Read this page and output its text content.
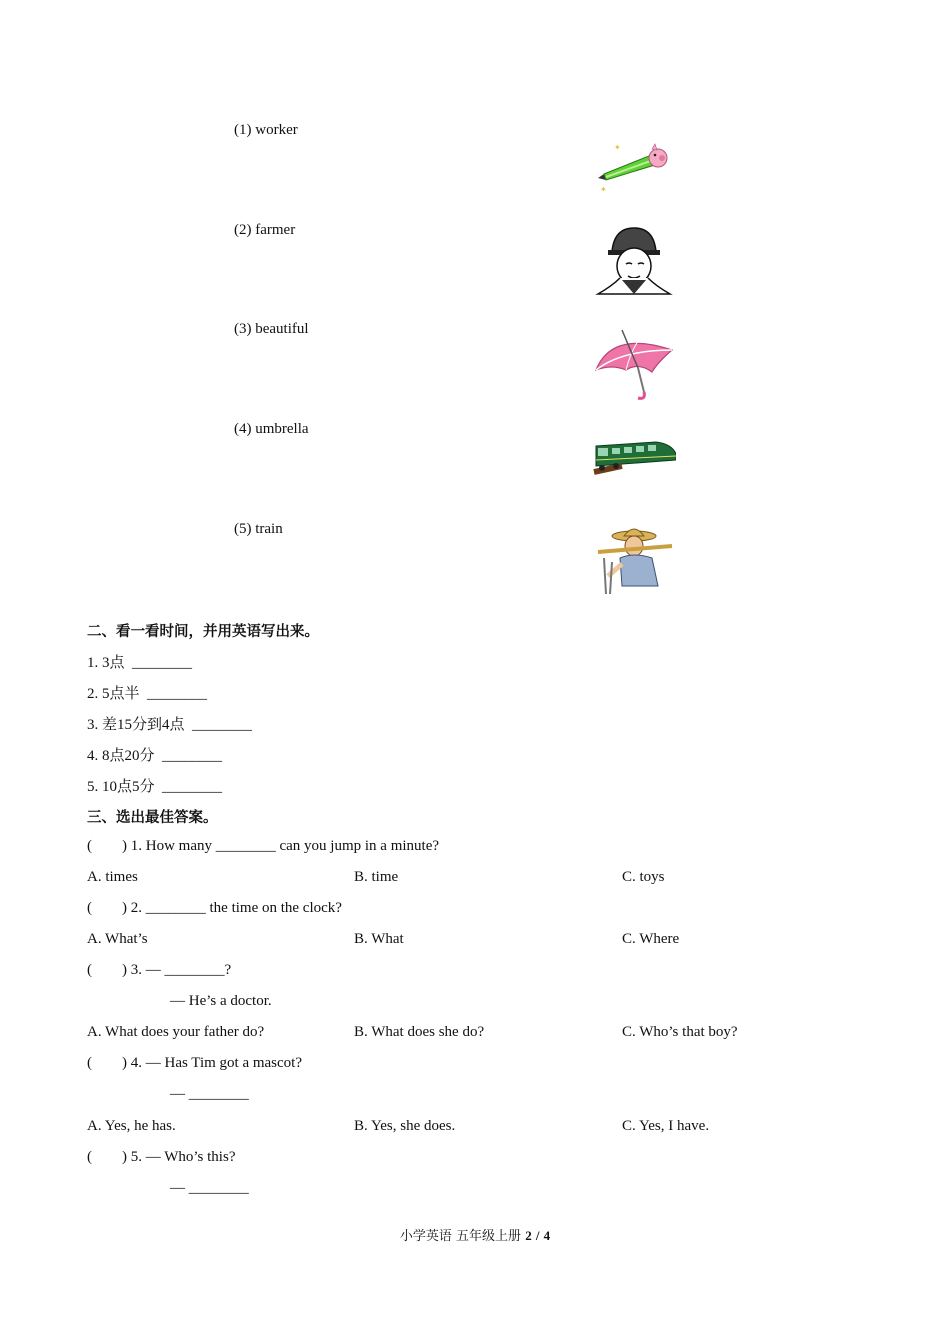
(1) worker
(2) farmer
(3) beautiful
(4) umbrella
(5) train
✦
✦
二、看一看时间，并用英语写出来。
1. 3点 ________
2. 5点半 ________
3. 差15分到4点 ________
4. 8点20分 ________
5. 10点5分 ________
三、选出最佳答案。
(        ) 1. How many ________ can you jump in a minute?
A. times	B. time	C. toys
(        ) 2. ________ the time on the clock?
A. What’s	B. What	C. Where
(        ) 3. — ________?
— He’s a doctor.
A. What does your father do?	B. What does she do?	C. Who’s that boy?
(        ) 4. — Has Tim got a mascot?
— ________
A. Yes, he has.	B. Yes, she does.	C. Yes, I have.
(        ) 5. — Who’s this?
— ________
小学英语 五年级上册 2 / 4
